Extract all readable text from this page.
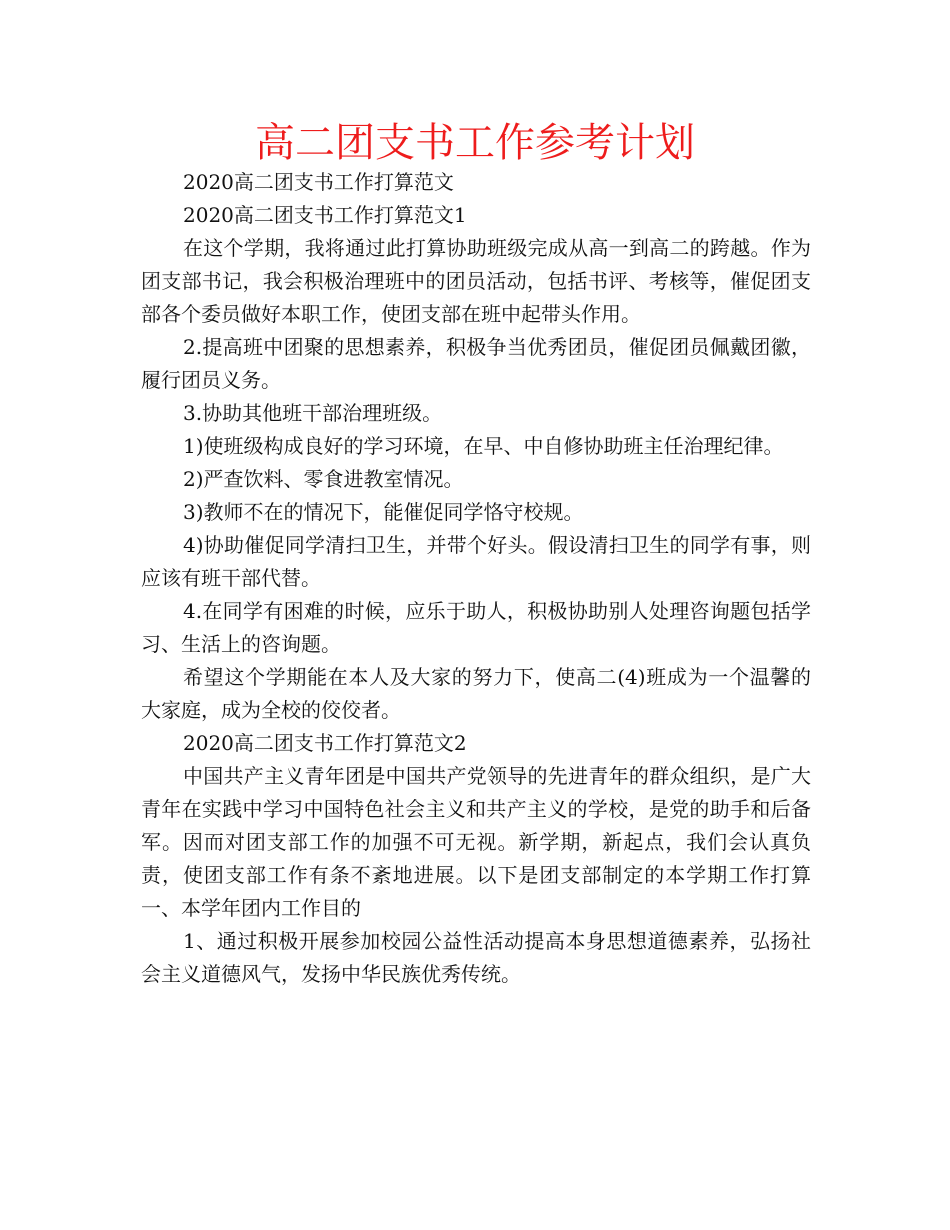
高二团支书工作参考计划

2020高二团支书工作打算范文

2020高二团支书工作打算范文1

在这个学期，我将通过此打算协助班级完成从高一到高二的跨越。作为团支部书记，我会积极治理班中的团员活动，包括书评、考核等，催促团支部各个委员做好本职工作，使团支部在班中起带头作用。

2.提高班中团聚的思想素养，积极争当优秀团员，催促团员佩戴团徽，履行团员义务。

3.协助其他班干部治理班级。

1)使班级构成良好的学习环境，在早、中自修协助班主任治理纪律。

2)严查饮料、零食进教室情况。

3)教师不在的情况下，能催促同学恪守校规。

4)协助催促同学清扫卫生，并带个好头。假设清扫卫生的同学有事，则应该有班干部代替。

4.在同学有困难的时候，应乐于助人，积极协助别人处理咨询题包括学习、生活上的咨询题。

希望这个学期能在本人及大家的努力下，使高二(4)班成为一个温馨的大家庭，成为全校的佼佼者。

2020高二团支书工作打算范文2

中国共产主义青年团是中国共产党领导的先进青年的群众组织，是广大青年在实践中学习中国特色社会主义和共产主义的学校，是党的助手和后备军。因而对团支部工作的加强不可无视。新学期，新起点，我们会认真负责，使团支部工作有条不紊地进展。以下是团支部制定的本学期工作打算　　一、本学年团内工作目的

1、通过积极开展参加校园公益性活动提高本身思想道德素养，弘扬社会主义道德风气，发扬中华民族优秀传统。
